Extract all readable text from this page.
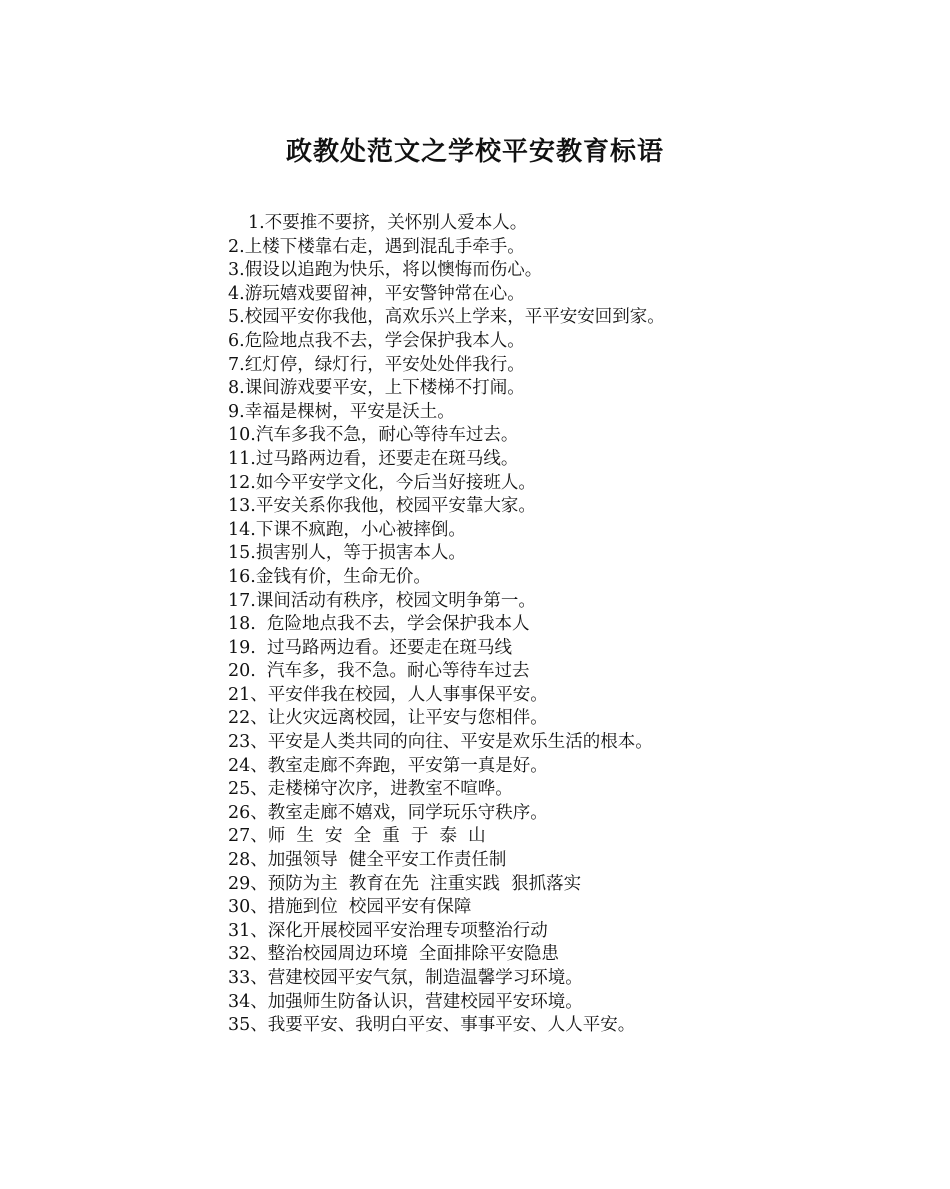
政教处范文之学校平安教育标语
1.不要推不要挤，关怀别人爱本人。
2.上楼下楼靠右走，遇到混乱手牵手。
3.假设以追跑为快乐，将以懊悔而伤心。
4.游玩嬉戏要留神，平安警钟常在心。
5.校园平安你我他，高欢乐兴上学来，平平安安回到家。
6.危险地点我不去，学会保护我本人。
7.红灯停，绿灯行，平安处处伴我行。
8.课间游戏要平安，上下楼梯不打闹。
9.幸福是棵树，平安是沃土。
10.汽车多我不急，耐心等待车过去。
11.过马路两边看，还要走在斑马线。
12.如今平安学文化，今后当好接班人。
13.平安关系你我他，校园平安靠大家。
14.下课不疯跑，小心被摔倒。
15.损害别人，等于损害本人。
16.金钱有价，生命无价。
17.课间活动有秩序，校园文明争第一。
18.  危险地点我不去，学会保护我本人
19.  过马路两边看。还要走在斑马线
20.  汽车多，我不急。耐心等待车过去
21、平安伴我在校园，人人事事保平安。
22、让火灾远离校园，让平安与您相伴。
23、平安是人类共同的向往、平安是欢乐生活的根本。
24、教室走廊不奔跑，平安第一真是好。
25、走楼梯守次序，进教室不喧哗。
26、教室走廊不嬉戏，同学玩乐守秩序。
27、师  生  安  全  重  于  泰  山
28、加强领导  健全平安工作责任制
29、预防为主  教育在先  注重实践  狠抓落实
30、措施到位  校园平安有保障
31、深化开展校园平安治理专项整治行动
32、整治校园周边环境  全面排除平安隐患
33、营建校园平安气氛，制造温馨学习环境。
34、加强师生防备认识，营建校园平安环境。
35、我要平安、我明白平安、事事平安、人人平安。
